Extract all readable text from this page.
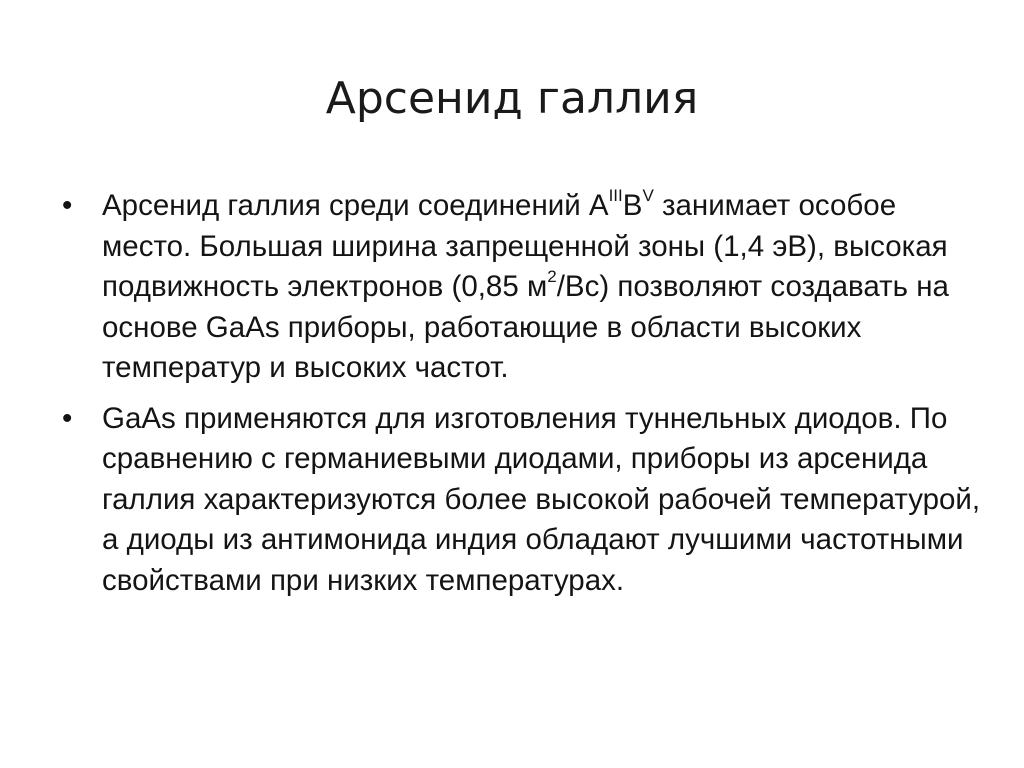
Арсенид галлия
• Арсенид галлия среди соединений $A^{III}B^V$ занимает особое место. Большая ширина запрещенной зоны (1,4 эВ), высокая подвижность электронов (0,85 $м^2/Вс$) позволяют создавать на основе GaAs приборы, работающие в области высоких температур и высоких частот.
• GaAs применяются для изготовления туннельных диодов. По сравнению с германиевыми диодами, приборы из арсенида галлия характеризуются более высокой рабочей температурой, а диоды из антимонида индия обладают лучшими частотными свойствами при низких температурах.
